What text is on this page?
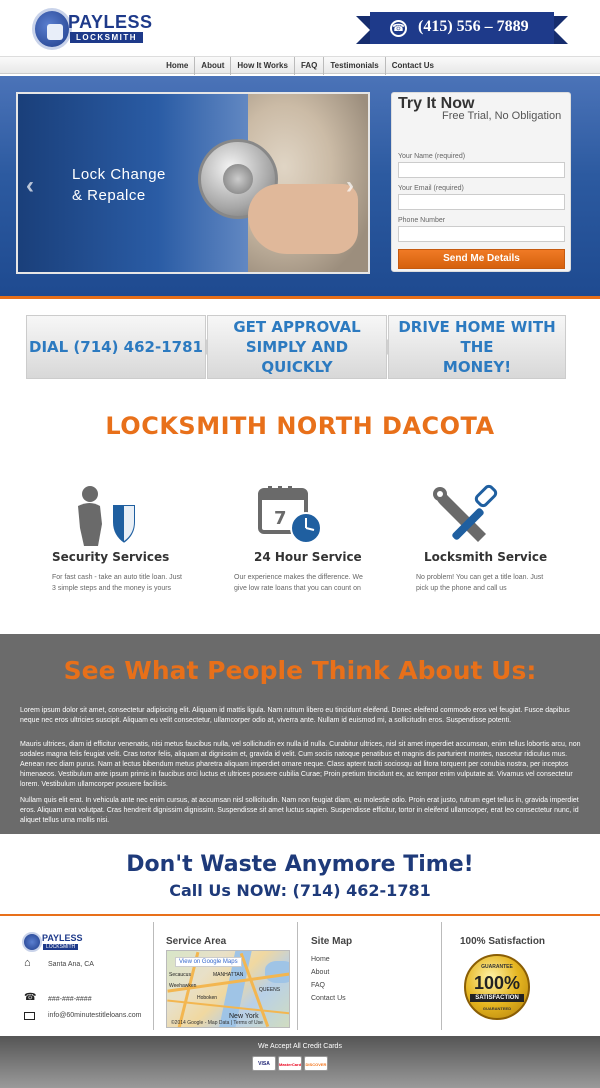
PAYLESS
LOCKSMITH
☎ (415) 556 – 7889
Home	About	How It Works	FAQ	Testimonials	Contact Us
Lock Change
& Repalce
‹	›
Try It Now
Free Trial, No Obligation
Your Name (required)
Your Email (required)
Phone Number
Send Me Details
DIAL (714) 462-1781
GET APPROVAL
SIMPLY AND QUICKLY
DRIVE HOME WITH THE
MONEY!
LOCKSMITH NORTH DACOTA
Security Services
For fast cash - take an auto title loan. Just 3 simple steps and the money is yours
7
24 Hour Service
Our experience makes the difference. We give low rate loans that you can count on
Locksmith Service
No problem! You can get a title loan. Just pick up the phone and call us
See What People Think About Us:
Lorem ipsum dolor sit amet, consectetur adipiscing elit. Aliquam id mattis ligula. Nam rutrum libero eu tincidunt eleifend. Donec eleifend commodo eros vel feugiat. Fusce dapibus neque nec eros ultricies suscipit. Aliquam eu velit consectetur, ullamcorper odio at, viverra ante. Nullam id euismod mi, a sollicitudin eros. Suspendisse potenti.
Mauris ultrices, diam id efficitur venenatis, nisi metus faucibus nulla, vel sollicitudin ex nulla id nulla. Curabitur ultrices, nisl sit amet imperdiet accumsan, enim tellus lobortis arcu, non sodales magna felis feugiat velit. Cras tortor felis, aliquam at dignissim et, gravida id velit. Cum sociis natoque penatibus et magnis dis parturient montes, nascetur ridiculus mus. Aenean nec diam purus. Nam at lectus bibendum metus pharetra aliquam imperdiet ornare neque. Class aptent taciti sociosqu ad litora torquent per conubia nostra, per inceptos himenaeos. Vestibulum ante ipsum primis in faucibus orci luctus et ultrices posuere cubilia Curae; Proin pretium tincidunt ex, ac tempor enim vulputate at. Vivamus vel consectetur lorem. Vestibulum ullamcorper posuere facilisis.
Nullam quis elit erat. In vehicula ante nec enim cursus, at accumsan nisl sollicitudin. Nam non feugiat diam, eu molestie odio. Proin erat justo, rutrum eget tellus in, gravida imperdiet eros. Aliquam erat volutpat. Cras hendrerit dignissim dignissim. Suspendisse sit amet luctus sapien. Suspendisse efficitur, tortor in eleifend ullamcorper, erat leo consectetur nunc, id aliquet tellus urna mollis nisi.
Don't Waste Anymore Time!
Call Us NOW: (714) 462-1781
PAYLESS
LOCKSMITH
⌂ Santa Ana, CA
☎ ###-###-####
info@60minutestitleloans.com
Service Area
View on Google Maps
Secaucus	MANHATTAN
QUEENS
Weehawken
Hoboken
New York
©2014 Google - Map Data | Terms of Use
Site Map
Home
About
FAQ
Contact Us
100% Satisfaction
GUARANTEE
100%
SATISFACTION
GUARANTEED
We Accept All Credit Cards
VISA	MasterCard	DISCOVER
